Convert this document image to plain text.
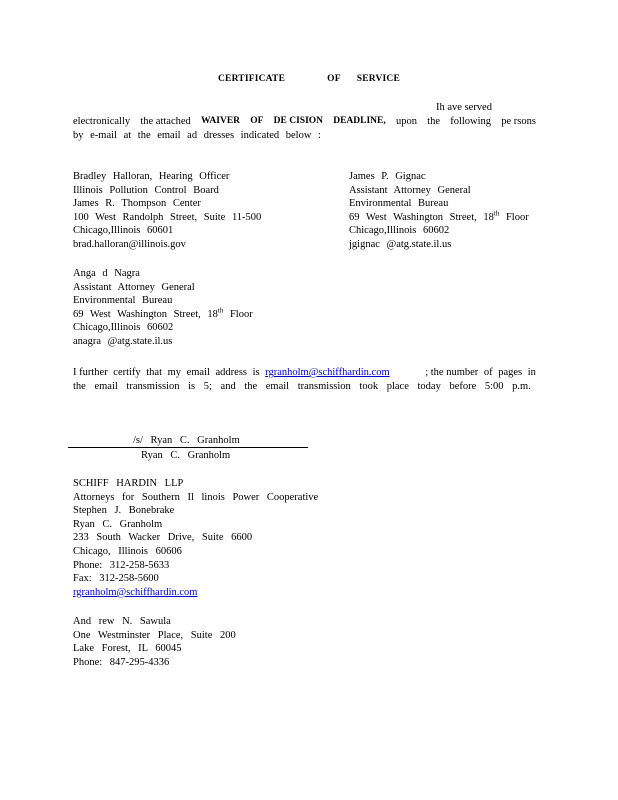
CERTIFICATE	OF SERVICE
Ih ave served
electronically the attached WAIVER OF DE CISION DEADLINE, upon the following pe rsons
by e-mail at the email ad dresses indicated below :
Bradley Halloran, Hearing Officer
Illinois Pollution Control Board
James R. Thompson Center
100 West Randolph Street, Suite 11-500
Chicago,Illinois 60601
brad.halloran@illinois.gov
James P. Gignac
Assistant Attorney General
Environmental Bureau
69 West Washington Street, 18th Floor
Chicago,Illinois 60602
jgignac @atg.state.il.us
Anga d Nagra
Assistant Attorney General
Environmental Bureau
69 West Washington Street, 18th Floor
Chicago,Illinois 60602
anagra @atg.state.il.us
I further certify that my email address is rgranholm@schiffhardin.com	; the number of pages in
the email transmission is 5; and the email transmission took place today before 5:00 p.m.
/s/ Ryan C. Granholm
Ryan C. Granholm
SCHIFF HARDIN LLP
Attorneys for Southern Il linois Power Cooperative
Stephen J. Bonebrake
Ryan C. Granholm
233 South Wacker Drive, Suite 6600
Chicago, Illinois 60606
Phone: 312-258-5633
Fax: 312-258-5600
rgranholm@schiffhardin.com
And rew N. Sawula
One Westminster Place, Suite 200
Lake Forest, IL 60045
Phone: 847-295-4336
